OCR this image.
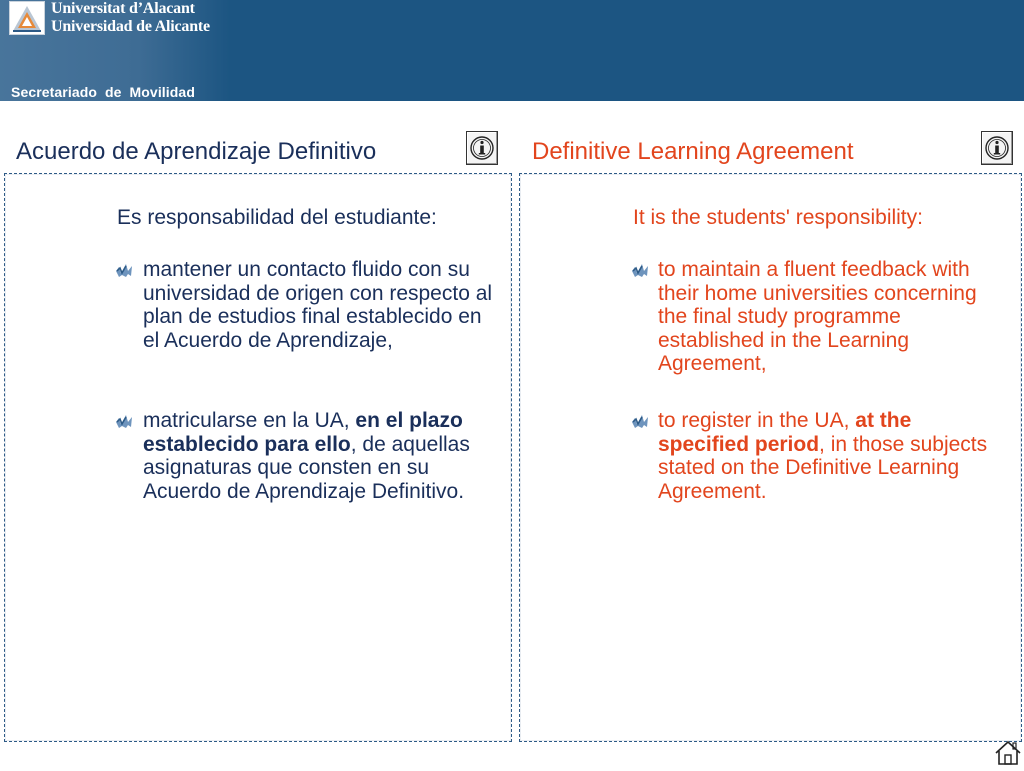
Universitat d’Alacant
Universidad de Alicante
Secretariado  de  Movilidad
Acuerdo de Aprendizaje Definitivo
Es responsabilidad del estudiante:

mantener un contacto fluido con su universidad de origen con respecto al plan de estudios final establecido en el Acuerdo de Aprendizaje,

matricularse en la UA, en el plazo establecido para ello, de aquellas asignaturas que consten en su Acuerdo de Aprendizaje Definitivo.

Definitive Learning Agreement
It is the students' responsibility:

to maintain a fluent feedback with their home universities concerning the final study programme established in the Learning Agreement,

to register in the UA, at the specified period, in those subjects stated on the Definitive Learning Agreement.
